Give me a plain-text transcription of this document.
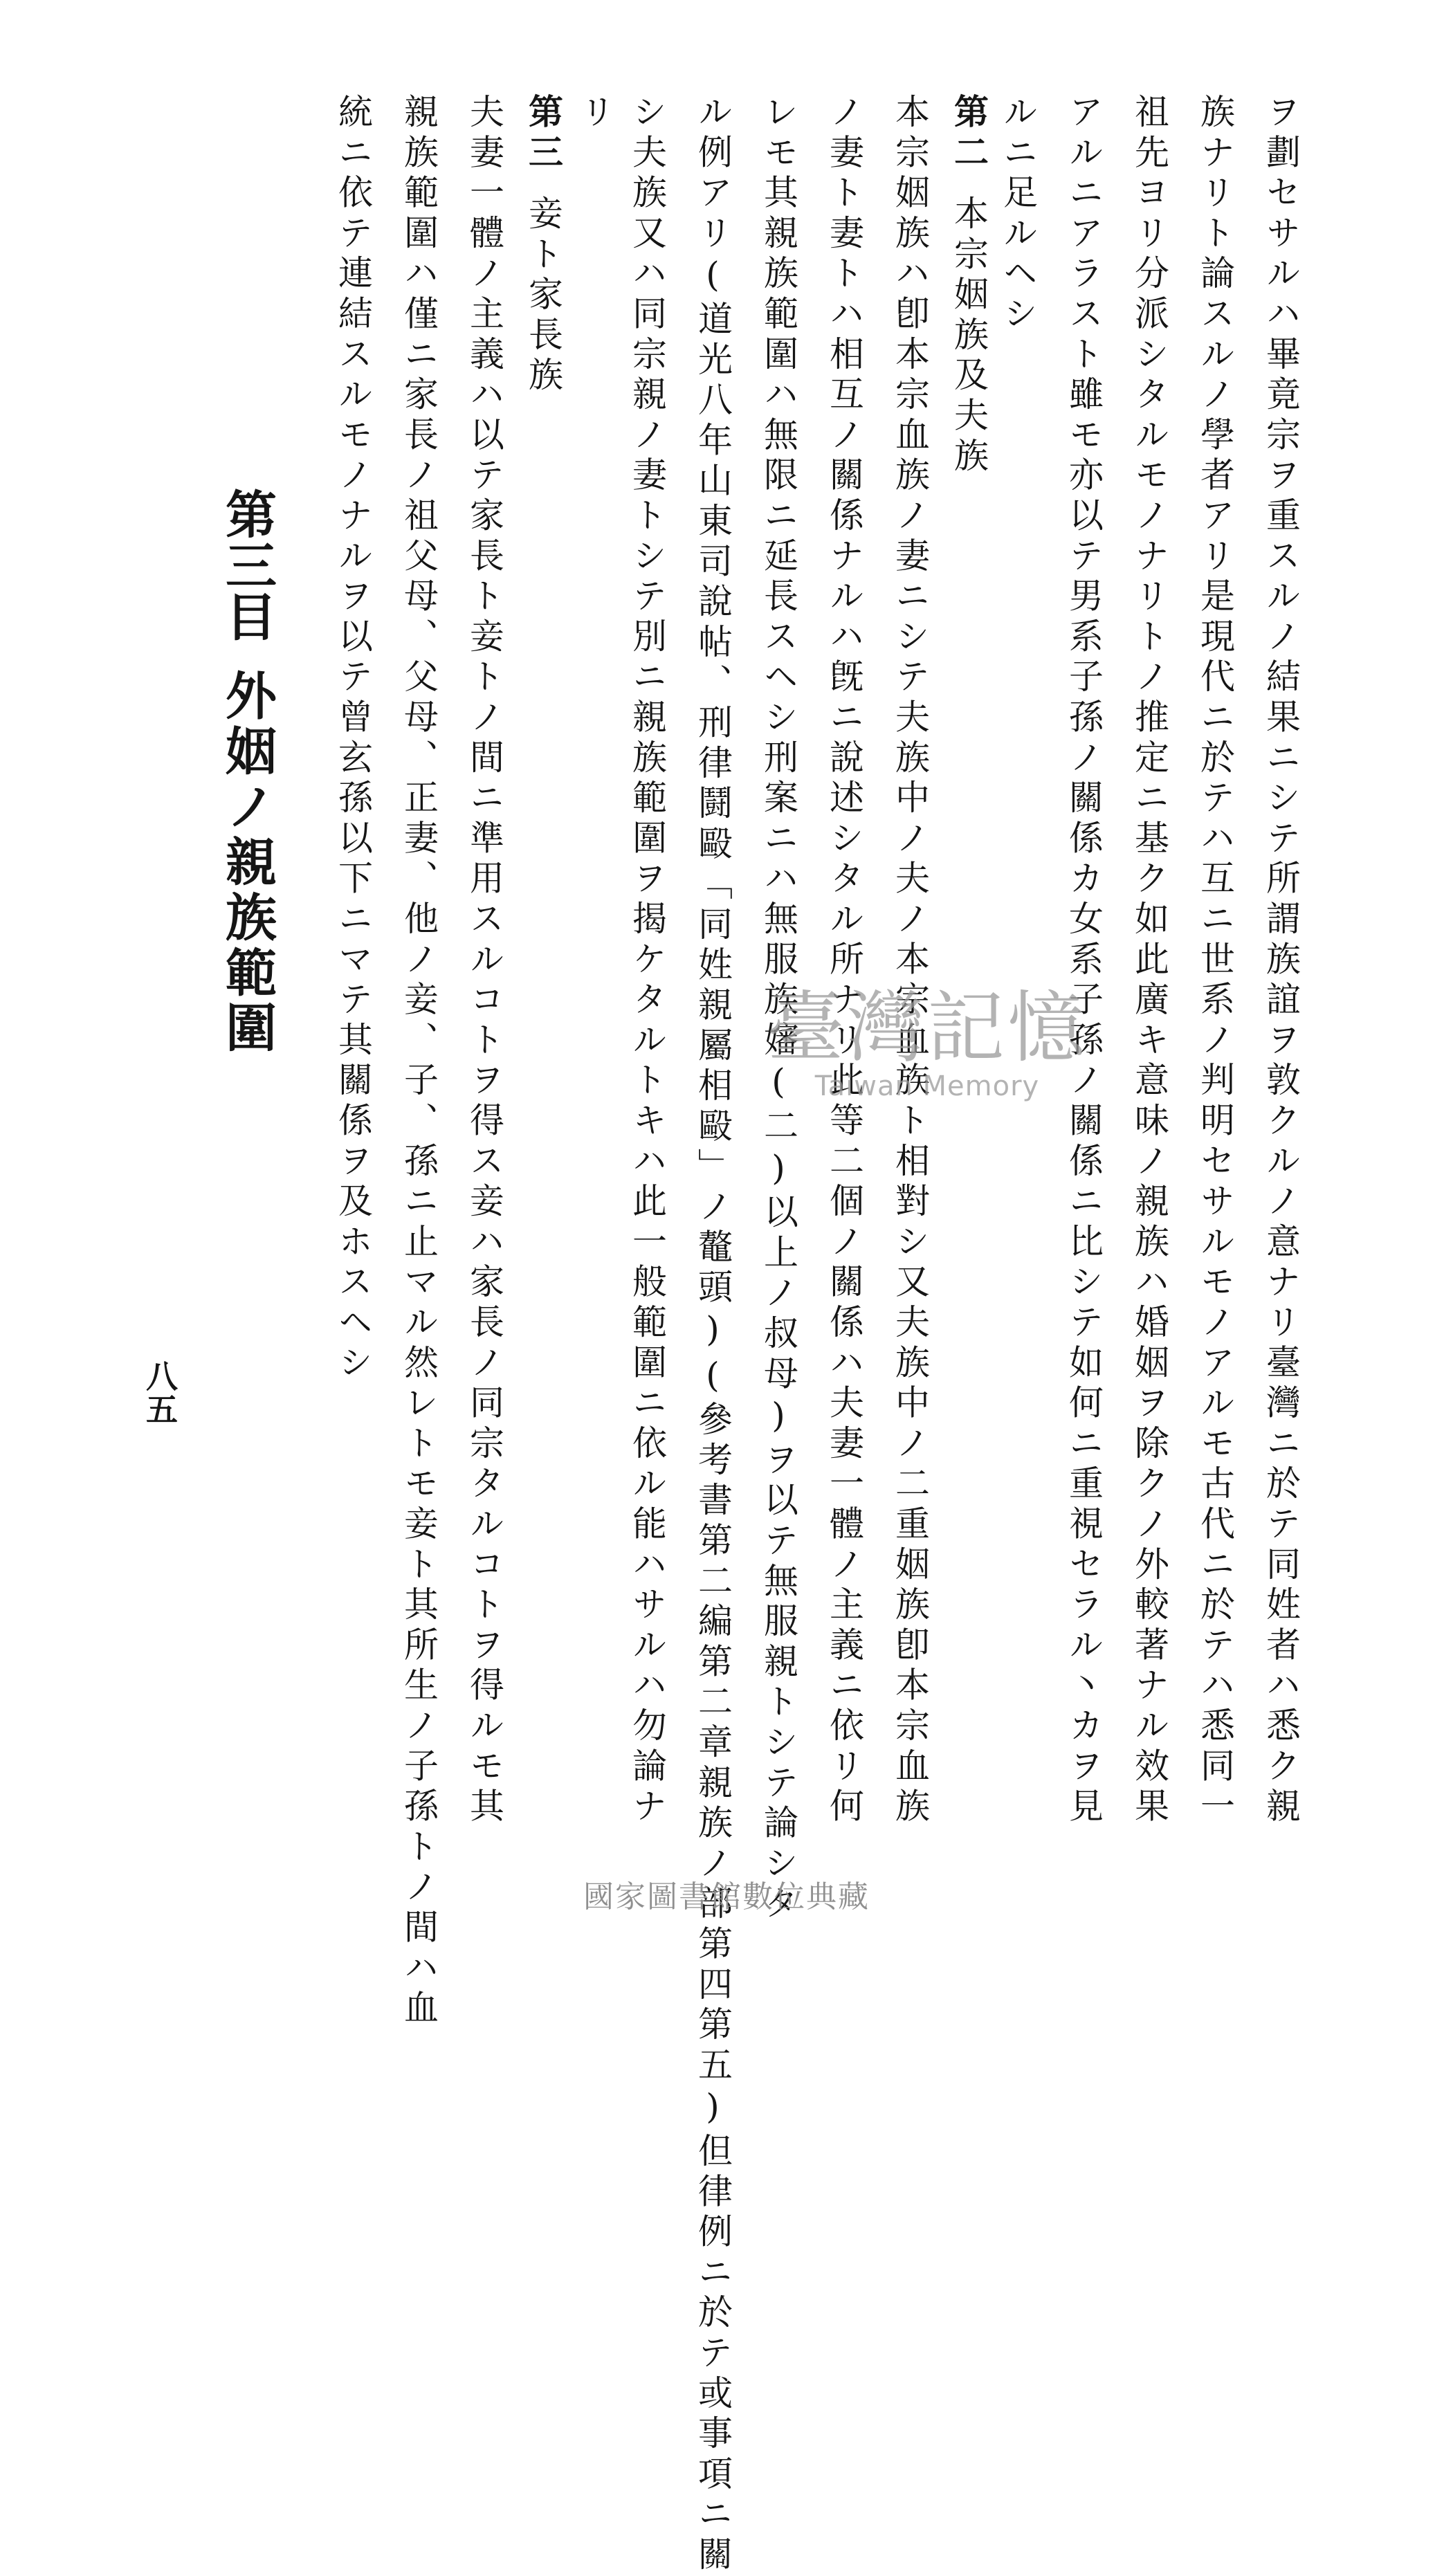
ヲ劃セサルハ畢竟宗ヲ重スルノ結果ニシテ所謂族誼ヲ敦クルノ意ナリ臺灣ニ於テ同姓者ハ悉ク親
族ナリト論スルノ學者アリ是現代ニ於テハ互ニ世系ノ判明セサルモノアルモ古代ニ於テハ悉同一
祖先ヨリ分派シタルモノナリトノ推定ニ基ク如此廣キ意味ノ親族ハ婚姻ヲ除クノ外較著ナル效果
アルニアラスト雖モ亦以テ男系子孫ノ關係カ女系子孫ノ關係ニ比シテ如何ニ重視セラル丶カヲ見
ルニ足ルヘシ
第二本宗姻族及夫族
本宗姻族ハ卽本宗血族ノ妻ニシテ夫族中ノ夫ノ本宗血族ト相對シ又夫族中ノ二重姻族卽本宗血族
ノ妻ト妻トハ相互ノ關係ナルハ旣ニ說述シタル所ナリ此等二個ノ關係ハ夫妻一體ノ主義ニ依リ何
レモ其親族範圍ハ無限ニ延長スヘシ刑案ニハ無服族嬸(二)以上ノ叔母)ヲ以テ無服親トシテ論シタ
ル例アリ(道光八年山東司說帖、刑律鬪毆「同姓親屬相毆」ノ鼇頭)(參考書第二編第二章親族ノ部第四第五)但律例ニ於テ或事項ニ關
シ夫族又ハ同宗親ノ妻トシテ別ニ親族範圍ヲ揭ケタルトキハ此一般範圍ニ依ル能ハサルハ勿論ナ
リ
第三妾ト家長族
夫妻一體ノ主義ハ以テ家長ト妾トノ間ニ準用スルコトヲ得ス妾ハ家長ノ同宗タルコトヲ得ルモ其
親族範圍ハ僅ニ家長ノ祖父母、父母、正妻、他ノ妾、子、孫ニ止マル然レトモ妾ト其所生ノ子孫トノ間ハ血
統ニ依テ連結スルモノナルヲ以テ曾玄孫以下ニマテ其關係ヲ及ホスヘシ
第三目外姻ノ親族範圍
八五
臺灣記憶
Taiwan Memory
國家圖書館數位典藏
